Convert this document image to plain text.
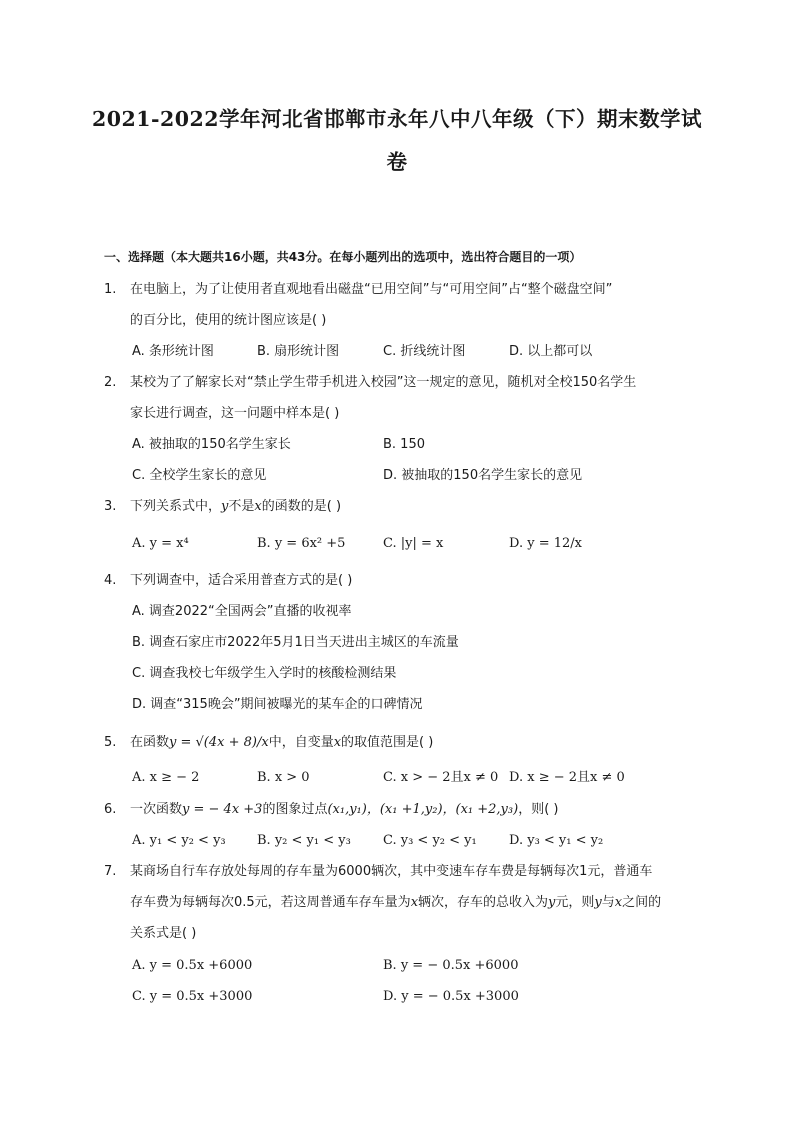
2021-2022学年河北省邯郸市永年八中八年级（下）期末数学试
卷
一、选择题（本大题共16小题，共43分。在每小题列出的选项中，选出符合题目的一项）
1. 在电脑上，为了让使用者直观地看出磁盘“已用空间”与“可用空间”占“整个磁盘空间”
的百分比，使用的统计图应该是( )
A. 条形统计图	B. 扇形统计图	C. 折线统计图	D. 以上都可以
2. 某校为了了解家长对“禁止学生带手机进入校园”这一规定的意见，随机对全校150名学生
家长进行调查，这一问题中样本是( )
A. 被抽取的150名学生家长	B. 150
C. 全校学生家长的意见	D. 被抽取的150名学生家长的意见
3. 下列关系式中，y不是x的函数的是( )
A. y = x⁴	B. y = 6x² +5	C. |y| = x	D. y = 12/x
4. 下列调查中，适合采用普查方式的是( )
A. 调查2022“全国两会”直播的收视率
B. 调查石家庄市2022年5月1日当天进出主城区的车流量
C. 调查我校七年级学生入学时的核酸检测结果
D. 调查“315晚会”期间被曝光的某车企的口碑情况
5. 在函数y = √(4x + 8)/x中，自变量x的取值范围是( )
A. x ≥ − 2	B. x > 0	C. x > − 2且x ≠ 0 D. x ≥ − 2且x ≠ 0
6. 一次函数y = − 4x +3的图象过点(x₁,y₁)，(x₁ +1,y₂)，(x₁ +2,y₃)，则( )
A. y₁ < y₂ < y₃ B. y₂ < y₁ < y₃ C. y₃ < y₂ < y₁ D. y₃ < y₁ < y₂
7. 某商场自行车存放处每周的存车量为6000辆次，其中变速车存车费是每辆每次1元，普通车
存车费为每辆每次0.5元，若这周普通车存车量为x辆次，存车的总收入为y元，则y与x之间的
关系式是( )
A. y = 0.5x +6000	B. y = − 0.5x +6000
C. y = 0.5x +3000	D. y = − 0.5x +3000
